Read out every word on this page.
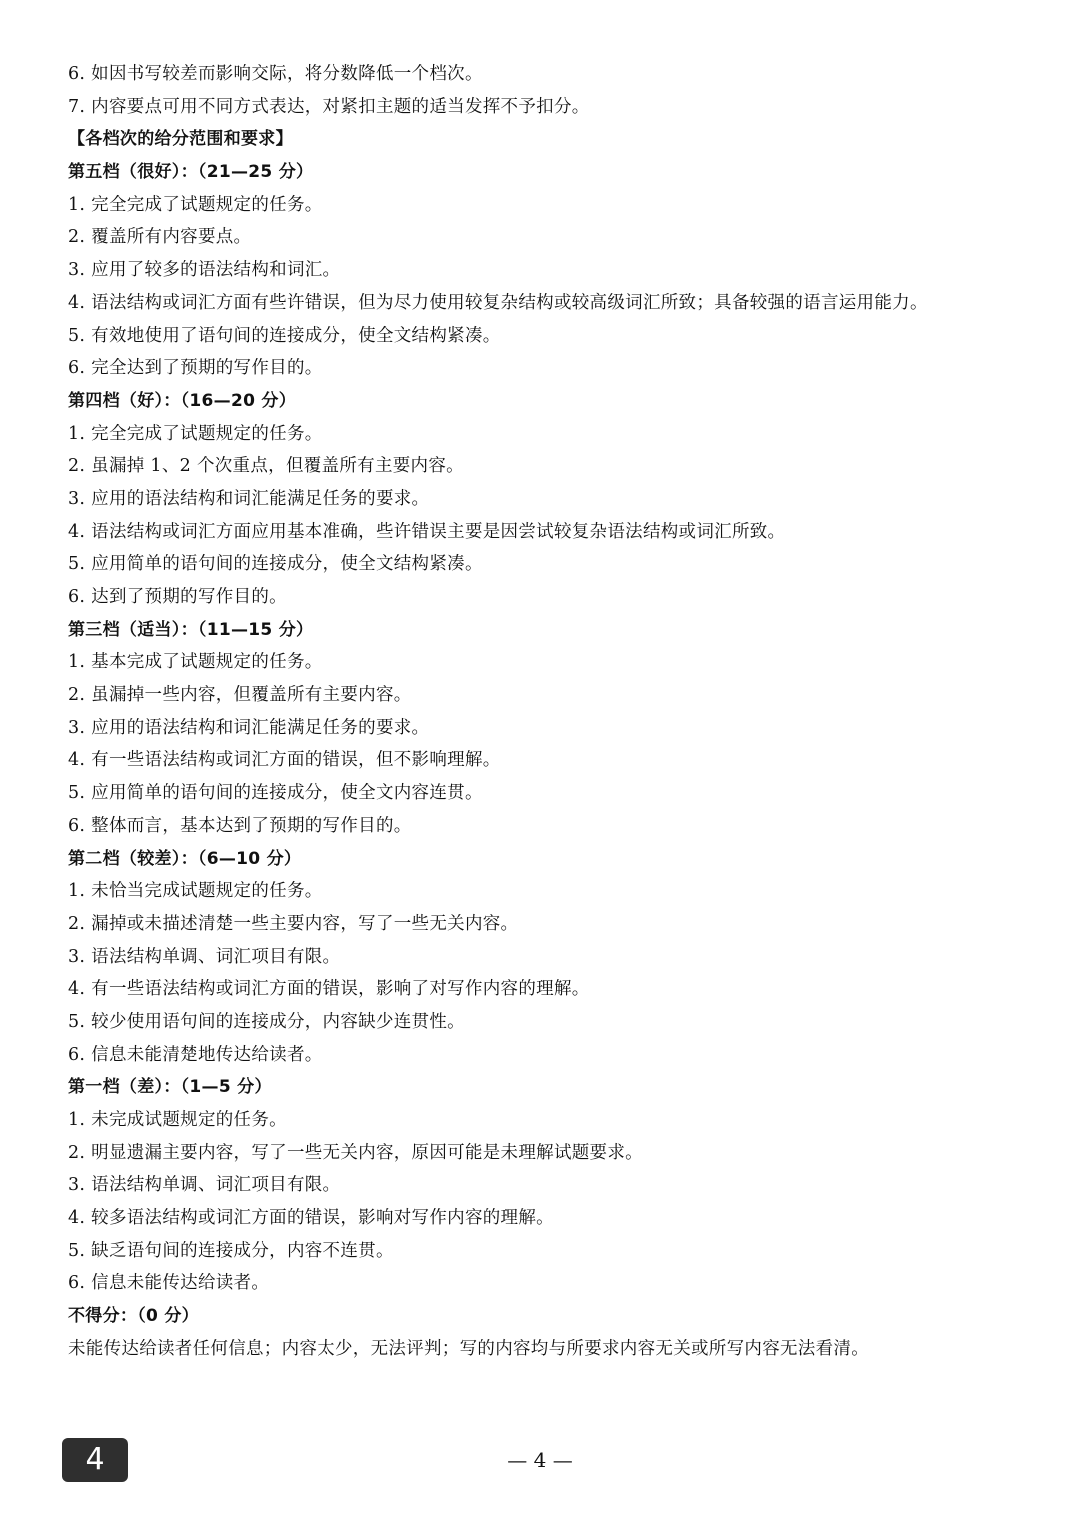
6. 如因书写较差而影响交际，将分数降低一个档次。
7. 内容要点可用不同方式表达，对紧扣主题的适当发挥不予扣分。
【各档次的给分范围和要求】
第五档（很好）：（21—25 分）
1. 完全完成了试题规定的任务。
2. 覆盖所有内容要点。
3. 应用了较多的语法结构和词汇。
4. 语法结构或词汇方面有些许错误，但为尽力使用较复杂结构或较高级词汇所致；具备较强的语言运用能力。
5. 有效地使用了语句间的连接成分，使全文结构紧凑。
6. 完全达到了预期的写作目的。
第四档（好）：（16—20 分）
1. 完全完成了试题规定的任务。
2. 虽漏掉 1、2 个次重点，但覆盖所有主要内容。
3. 应用的语法结构和词汇能满足任务的要求。
4. 语法结构或词汇方面应用基本准确，些许错误主要是因尝试较复杂语法结构或词汇所致。
5. 应用简单的语句间的连接成分，使全文结构紧凑。
6. 达到了预期的写作目的。
第三档（适当）：（11—15 分）
1. 基本完成了试题规定的任务。
2. 虽漏掉一些内容，但覆盖所有主要内容。
3. 应用的语法结构和词汇能满足任务的要求。
4. 有一些语法结构或词汇方面的错误，但不影响理解。
5. 应用简单的语句间的连接成分，使全文内容连贯。
6. 整体而言，基本达到了预期的写作目的。
第二档（较差）：（6—10 分）
1. 未恰当完成试题规定的任务。
2. 漏掉或未描述清楚一些主要内容，写了一些无关内容。
3. 语法结构单调、词汇项目有限。
4. 有一些语法结构或词汇方面的错误，影响了对写作内容的理解。
5. 较少使用语句间的连接成分，内容缺少连贯性。
6. 信息未能清楚地传达给读者。
第一档（差）：（1—5 分）
1. 未完成试题规定的任务。
2. 明显遗漏主要内容，写了一些无关内容，原因可能是未理解试题要求。
3. 语法结构单调、词汇项目有限。
4. 较多语法结构或词汇方面的错误，影响对写作内容的理解。
5. 缺乏语句间的连接成分，内容不连贯。
6. 信息未能传达给读者。
不得分：（0 分）
未能传达给读者任何信息；内容太少，无法评判；写的内容均与所要求内容无关或所写内容无法看清。
4	— 4 —
